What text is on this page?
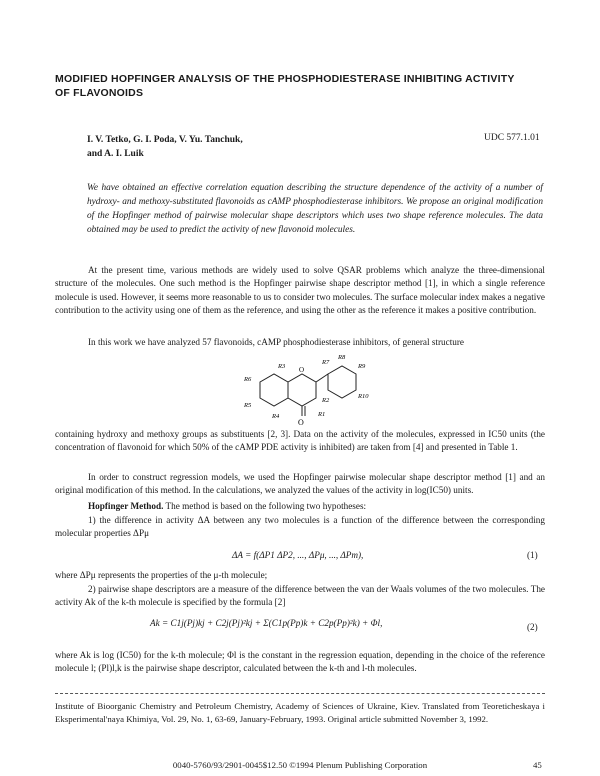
MODIFIED HOPFINGER ANALYSIS OF THE PHOSPHODIESTERASE INHIBITING ACTIVITY OF FLAVONOIDS
I. V. Tetko, G. I. Poda, V. Yu. Tanchuk,
and A. I. Luik
UDC 577.1.01
We have obtained an effective correlation equation describing the structure dependence of the activity of a number of hydroxy- and methoxy-substituted flavonoids as cAMP phosphodiesterase inhibitors. We propose an original modification of the Hopfinger method of pairwise molecular shape descriptors which uses two shape reference molecules. The data obtained may be used to predict the activity of new flavonoid molecules.
At the present time, various methods are widely used to solve QSAR problems which analyze the three-dimensional structure of the molecules. One such method is the Hopfinger pairwise shape descriptor method [1], in which a single reference molecule is used. However, it seems more reasonable to us to consider two molecules. The surface molecular index makes a negative contribution to the activity using one of them as the reference, and using the other as the reference it makes a positive contribution.
In this work we have analyzed 57 flavonoids, cAMP phosphodiesterase inhibitors, of general structure
O
O
R6
R5
R4
R3
R2
R1
R7
R8
R9
R10
containing hydroxy and methoxy groups as substituents [2, 3]. Data on the activity of the molecules, expressed in IC50 units (the concentration of flavonoid for which 50% of the cAMP PDE activity is inhibited) are taken from [4] and presented in Table 1.
In order to construct regression models, we used the Hopfinger pairwise molecular shape descriptor method [1] and an original modification of this method. In the calculations, we analyzed the values of the activity in log(IC50) units.
Hopfinger Method. The method is based on the following two hypotheses:
1) the difference in activity ΔA between any two molecules is a function of the difference between the corresponding molecular properties ΔPμ
ΔA = f(ΔP1 ΔP2, ..., ΔPμ, ..., ΔPm),	(1)
where ΔPμ represents the properties of the μ-th molecule;
2) pairwise shape descriptors are a measure of the difference between the van der Waals volumes of the two molecules. The activity Ak of the k-th molecule is specified by the formula [2]
Ak = C1j(Pj)kj + C2j(Pj)²kj + Σ(C1p(Pp)k + C2p(Pp)²k) + Φl,	(2)
where Ak is log (IC50) for the k-th molecule; Φl is the constant in the regression equation, depending in the choice of the reference molecule l; (Pl)l,k is the pairwise shape descriptor, calculated between the k-th and l-th molecules.
Institute of Bioorganic Chemistry and Petroleum Chemistry, Academy of Sciences of Ukraine, Kiev. Translated from Teoreticheskaya i Eksperimental'naya Khimiya, Vol. 29, No. 1, 63-69, January-February, 1993. Original article submitted November 3, 1992.
0040-5760/93/2901-0045$12.50 ©1994 Plenum Publishing Corporation	45
